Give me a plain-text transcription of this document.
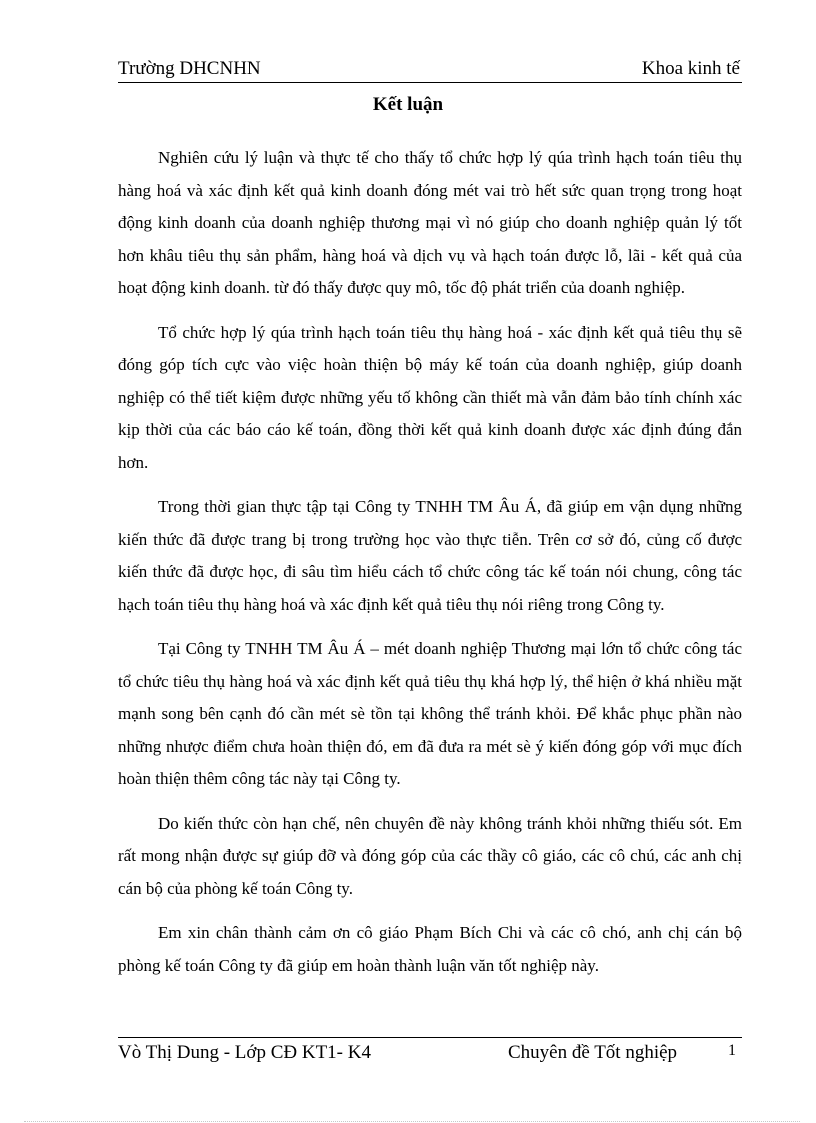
Trường DHCNHN	Khoa kinh tế
Kết luận

Nghiên cứu lý luận và thực tế cho thấy tổ chức hợp lý qúa trình hạch toán tiêu thụ hàng hoá và xác định kết quả kinh doanh đóng mét vai trò hết sức quan trọng trong hoạt động kinh doanh của doanh nghiệp thương mại vì nó giúp cho doanh nghiệp quản lý tốt hơn khâu tiêu thụ sản phẩm, hàng hoá và dịch vụ và hạch toán được lỗ, lãi - kết quả của hoạt động kinh doanh. từ đó thấy được quy mô, tốc độ phát triển của doanh nghiệp.

Tổ chức hợp lý qúa trình hạch toán tiêu thụ hàng hoá - xác định kết quả tiêu thụ sẽ đóng góp tích cực vào việc hoàn thiện bộ máy kế toán của doanh nghiệp, giúp doanh nghiệp có thể tiết kiệm được những yếu tố không cần thiết mà vẫn đảm bảo tính chính xác kịp thời của các báo cáo kế toán, đồng thời kết quả kinh doanh được xác định đúng đắn hơn.

Trong thời gian thực tập tại Công ty TNHH TM Âu Á, đã giúp em vận dụng những kiến thức đã được trang bị trong trường học vào thực tiễn. Trên cơ sở đó, củng cố được kiến thức đã được học, đi sâu tìm hiểu cách tổ chức công tác kế toán nói chung, công tác hạch toán tiêu thụ hàng hoá và xác định kết quả tiêu thụ nói riêng trong Công ty.

Tại Công ty TNHH TM Âu Á – mét doanh nghiệp Thương mại lớn tổ chức công tác tổ chức tiêu thụ hàng hoá và xác định kết quả tiêu thụ khá hợp lý, thể hiện ở khá nhiều mặt mạnh song bên cạnh đó cần mét sè tồn tại không thể tránh khỏi. Để khắc phục phần nào những nhược điểm chưa hoàn thiện đó, em đã đưa ra mét sè ý kiến đóng góp với mục đích hoàn thiện thêm công tác này tại Công ty.

Do kiến thức còn hạn chế, nên chuyên đề này không tránh khỏi những thiếu sót. Em rất mong nhận được sự giúp đỡ và đóng góp của các thầy cô giáo, các cô chú, các anh chị cán bộ của phòng kế toán Công ty.

Em xin chân thành cảm ơn cô giáo Phạm Bích Chi và các cô chó, anh chị cán bộ phòng kế toán Công ty đã giúp em hoàn thành luận văn tốt nghiệp này.

Vò Thị Dung - Lớp CĐ KT1- K4	Chuyên đề Tốt nghiệp	1
